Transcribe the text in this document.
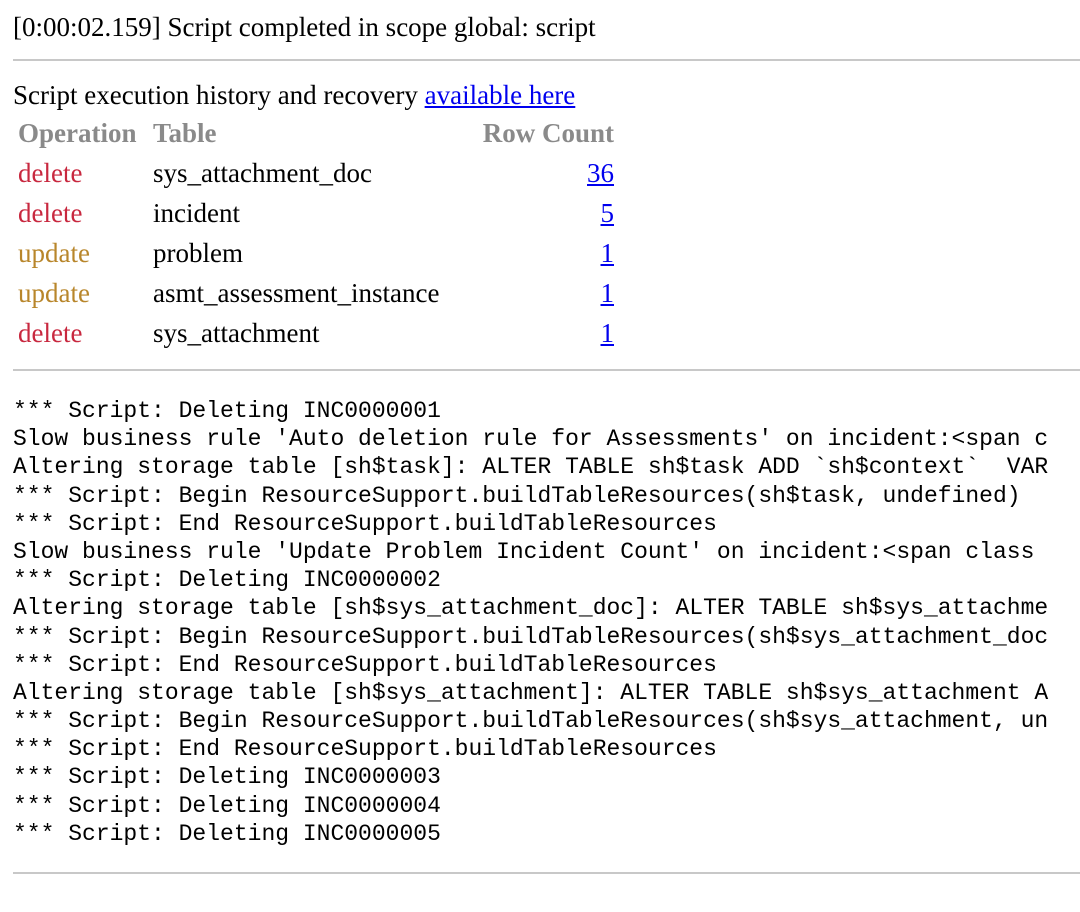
[0:00:02.159] Script completed in scope global: script
Script execution history and recovery available here
Operation Table	Row Count
delete	sys_attachment_doc	36
delete	incident	5
update problem	1
update asmt_assessment_instance	1
delete	sys_attachment	1
*** Script: Deleting INC0000001
Slow business rule 'Auto deletion rule for Assessments' on incident:<span c
Altering storage table [sh$task]: ALTER TABLE sh$task ADD `sh$context`  VAR
*** Script: Begin ResourceSupport.buildTableResources(sh$task, undefined)
*** Script: End ResourceSupport.buildTableResources
Slow business rule 'Update Problem Incident Count' on incident:<span class
*** Script: Deleting INC0000002
Altering storage table [sh$sys_attachment_doc]: ALTER TABLE sh$sys_attachme
*** Script: Begin ResourceSupport.buildTableResources(sh$sys_attachment_doc
*** Script: End ResourceSupport.buildTableResources
Altering storage table [sh$sys_attachment]: ALTER TABLE sh$sys_attachment A
*** Script: Begin ResourceSupport.buildTableResources(sh$sys_attachment, un
*** Script: End ResourceSupport.buildTableResources
*** Script: Deleting INC0000003
*** Script: Deleting INC0000004
*** Script: Deleting INC0000005
